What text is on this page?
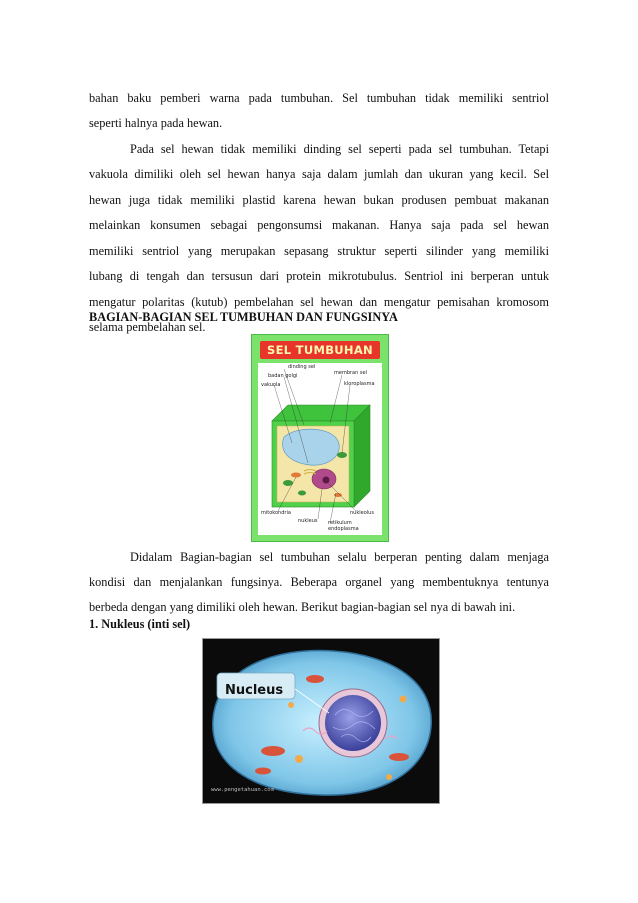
bahan baku pemberi warna pada tumbuhan. Sel tumbuhan tidak memiliki sentriol
seperti halnya pada hewan.
Pada sel hewan tidak memiliki dinding sel seperti pada sel tumbuhan. Tetapi
vakuola dimiliki oleh sel hewan hanya saja dalam jumlah dan ukuran yang kecil. Sel
hewan juga tidak memiliki plastid karena hewan bukan produsen pembuat makanan
melainkan konsumen sebagai pengonsumsi makanan. Hanya saja pada sel hewan
memiliki sentriol yang merupakan sepasang struktur seperti silinder yang memiliki
lubang di tengah dan tersusun dari protein mikrotubulus. Sentriol ini berperan untuk
mengatur polaritas (kutub) pembelahan sel hewan dan mengatur pemisahan kromosom
selama pembelahan sel.
BAGIAN-BAGIAN SEL TUMBUHAN DAN FUNGSINYA
SEL TUMBUHAN
dinding sel
membran sel
badan golgi
vakuola	kloroplasma
mitokondria	nukleolus
nukleus retikulum
endoplasma
Didalam Bagian-bagian sel tumbuhan selalu berperan penting dalam menjaga
kondisi dan menjalankan fungsinya. Beberapa organel yang membentuknya tentunya
berbeda dengan yang dimiliki oleh hewan. Berikut bagian-bagian sel nya di bawah ini.
1. Nukleus (inti sel)
Nucleus
www.pengetahuan.com
